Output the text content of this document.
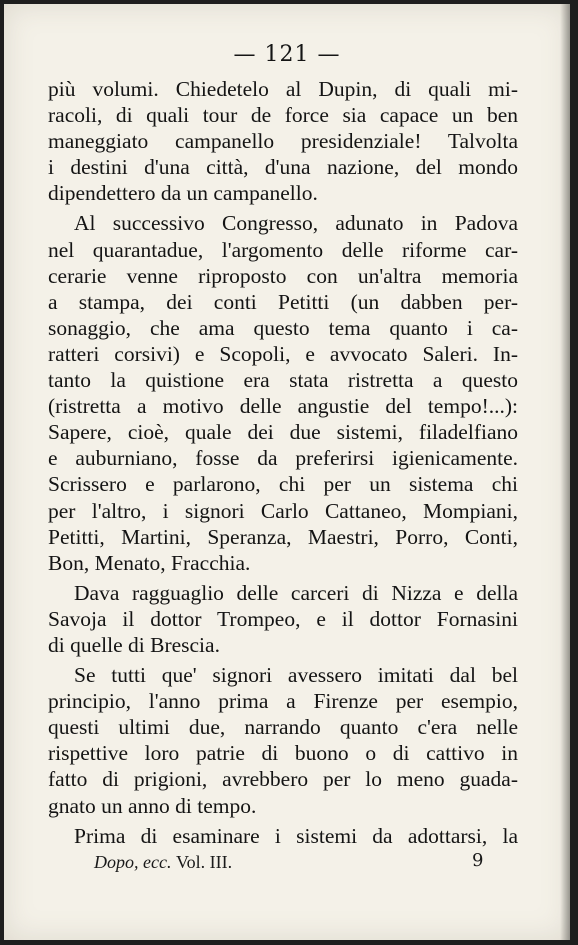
— 121 —
più volumi. Chiedetelo al Dupin, di quali mi-
racoli, di quali tour de force sia capace un ben
maneggiato campanello presidenziale! Talvolta
i destini d'una città, d'una nazione, del mondo
dipendettero da un campanello.
Al successivo Congresso, adunato in Padova
nel quarantadue, l'argomento delle riforme car-
cerarie venne riproposto con un'altra memoria
a stampa, dei conti Petitti (un dabben per-
sonaggio, che ama questo tema quanto i ca-
ratteri corsivi) e Scopoli, e avvocato Saleri. In-
tanto la quistione era stata ristretta a questo
(ristretta a motivo delle angustie del tempo!...):
Sapere, cioè, quale dei due sistemi, filadelfiano
e auburniano, fosse da preferirsi igienicamente.
Scrissero e parlarono, chi per un sistema chi
per l'altro, i signori Carlo Cattaneo, Mompiani,
Petitti, Martini, Speranza, Maestri, Porro, Conti,
Bon, Menato, Fracchia.
Dava ragguaglio delle carceri di Nizza e della
Savoja il dottor Trompeo, e il dottor Fornasini
di quelle di Brescia.
Se tutti que' signori avessero imitati dal bel
principio, l'anno prima a Firenze per esempio,
questi ultimi due, narrando quanto c'era nelle
rispettive loro patrie di buono o di cattivo in
fatto di prigioni, avrebbero per lo meno guada-
gnato un anno di tempo.
Prima di esaminare i sistemi da adottarsi, la
Dopo, ecc. Vol. III.	9
